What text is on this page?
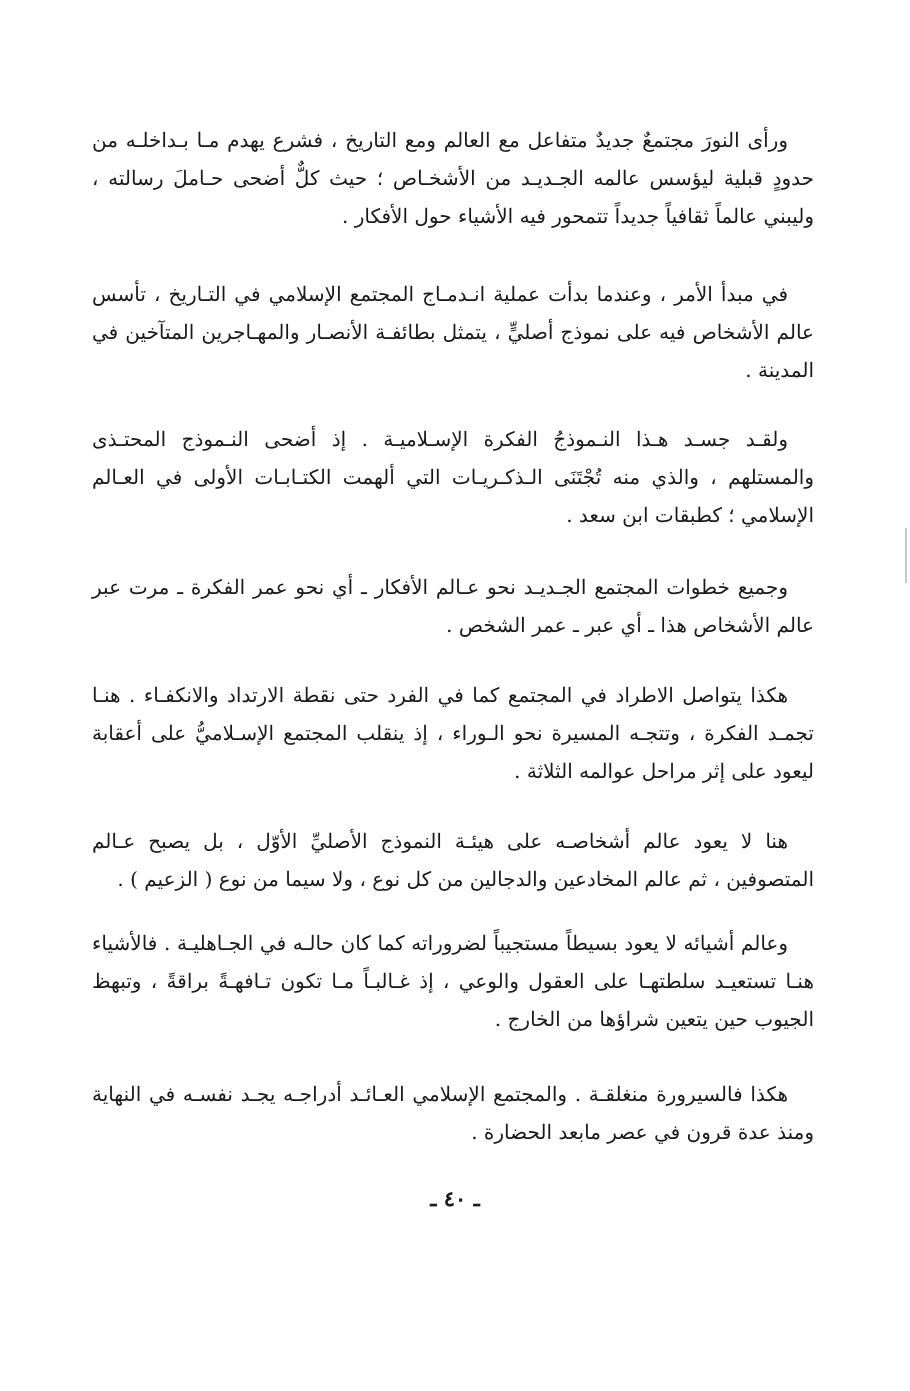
ورأى النورَ مجتمعٌ جديدٌ متفاعل مع العالم ومع التاريخ ، فشرع يهدم مـا بـداخلـه من حدودٍ قبلية ليؤسس عالمه الجـديـد من الأشخـاص ؛ حيث كلٌّ أضحى حـاملَ رسالته ، وليبني عالماً ثقافياً جديداً تتمحور فيه الأشياء حول الأفكار .

في مبدأ الأمر ، وعندما بدأت عملية انـدمـاج المجتمع الإسلامي في التـاريخ ، تأسس عالم الأشخاص فيه على نموذج أصليٍّ ، يتمثل بطائفـة الأنصـار والمهـاجرين المتآخين في المدينة .

ولقـد جسـد هـذا النـموذجُ الفكرة الإسـلاميـة . إذ أضحى النـموذج المحتـذى والمستلهم ، والذي منه تُجْتَنَى الـذكـريـات التي ألهمت الكتـابـات الأولى في العـالم الإسلامي ؛ كطبقات ابن سعد .

وجميع خطوات المجتمع الجـديـد نحو عـالم الأفكار ـ أي نحو عمر الفكرة ـ مرت عبر عالم الأشخاص هذا ـ أي عبر ـ عمر الشخص .

هكذا يتواصل الاطراد في المجتمع كما في الفرد حتى نقطة الارتداد والانكفـاء . هنـا تجمـد الفكرة ، وتتجـه المسيرة نحو الـوراء ، إذ ينقلب المجتمع الإسـلاميُّ على أعقابة ليعود على إثر مراحل عوالمه الثلاثة .

هنا لا يعود عالم أشخاصـه على هيئـة النموذج الأصليِّ الأوّل ، بل يصبح عـالم المتصوفين ، ثم عالم المخادعين والدجالين من كل نوع ، ولا سيما من نوع ( الزعيم ) .

وعالم أشيائه لا يعود بسيطاً مستجيباً لضروراته كما كان حالـه في الجـاهليـة . فالأشياء هنـا تستعيـد سلطتهـا على العقول والوعي ، إذ غـالبـاً مـا تكون تـافهـةً براقةً ، وتبهظ الجيوب حين يتعين شراؤها من الخارج .

هكذا فالسيرورة منغلقـة . والمجتمع الإسلامي العـائـد أدراجـه يجـد نفسـه في النهاية ومنذ عدة قرون في عصر مابعد الحضارة .

ـ ٤٠ ـ
